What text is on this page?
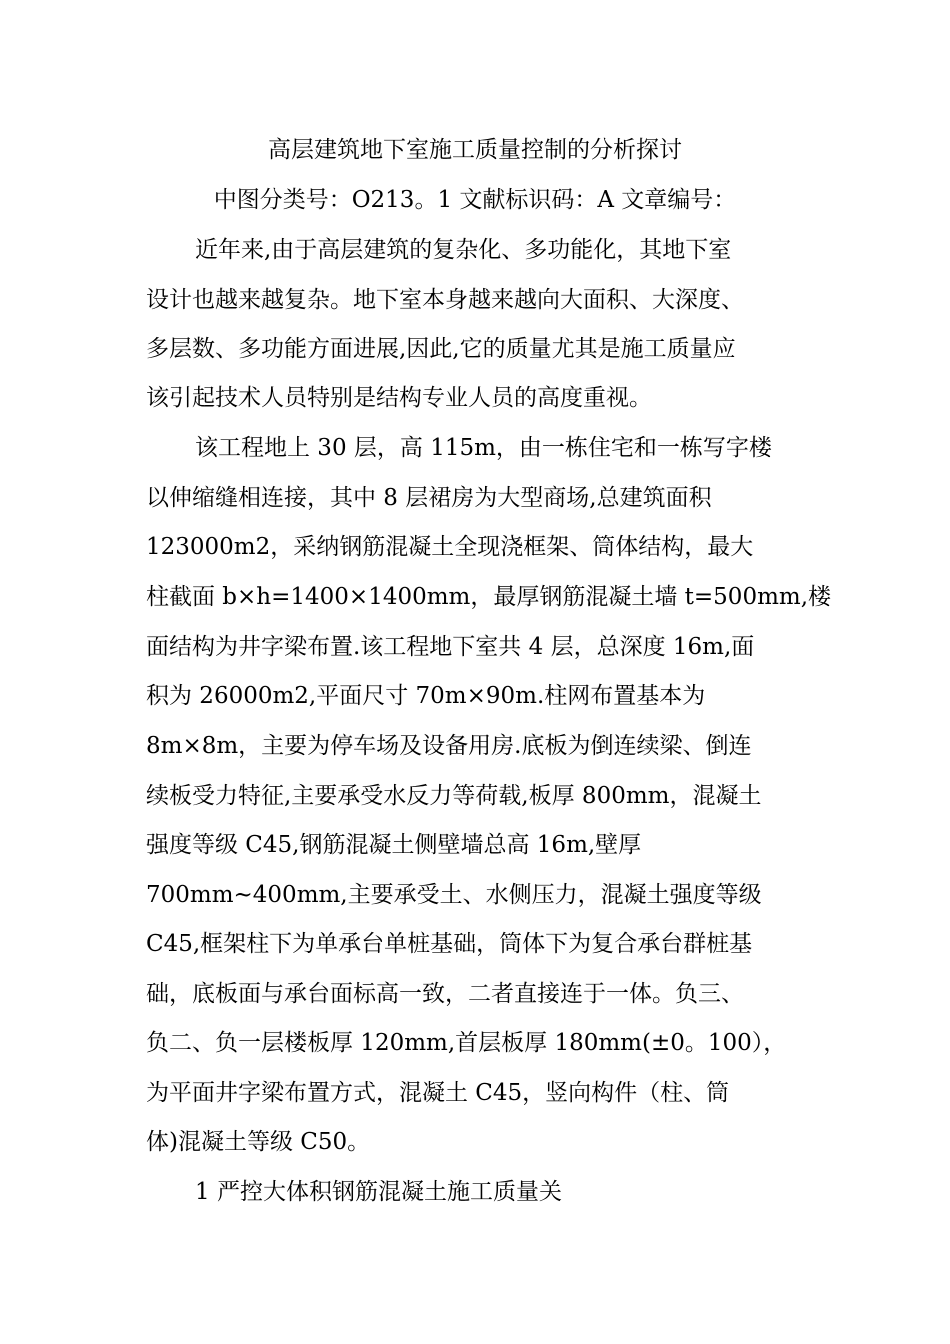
高层建筑地下室施工质量控制的分析探讨
中图分类号：O213。1 文献标识码：A 文章编号：
近年来,由于高层建筑的复杂化、多功能化，其地下室
设计也越来越复杂。地下室本身越来越向大面积、大深度、
多层数、多功能方面进展,因此,它的质量尤其是施工质量应
该引起技术人员特别是结构专业人员的高度重视。
该工程地上 30 层，高 115m，由一栋住宅和一栋写字楼
以伸缩缝相连接，其中 8 层裙房为大型商场,总建筑面积
123000m2，采纳钢筋混凝土全现浇框架、筒体结构，最大
柱截面 b×h=1400×1400mm，最厚钢筋混凝土墙 t=500mm,楼
面结构为井字梁布置.该工程地下室共 4 层，总深度 16m,面
积为 26000m2,平面尺寸 70m×90m.柱网布置基本为
8m×8m，主要为停车场及设备用房.底板为倒连续梁、倒连
续板受力特征,主要承受水反力等荷载,板厚 800mm，混凝土
强度等级 C45,钢筋混凝土侧壁墙总高 16m,壁厚
700mm~400mm,主要承受土、水侧压力，混凝土强度等级
C45,框架柱下为单承台单桩基础，筒体下为复合承台群桩基
础，底板面与承台面标高一致，二者直接连于一体。负三、
负二、负一层楼板厚 120mm,首层板厚 180mm(±0。100），
为平面井字梁布置方式，混凝土 C45，竖向构件（柱、筒
体)混凝土等级 C50。
1 严控大体积钢筋混凝土施工质量关
